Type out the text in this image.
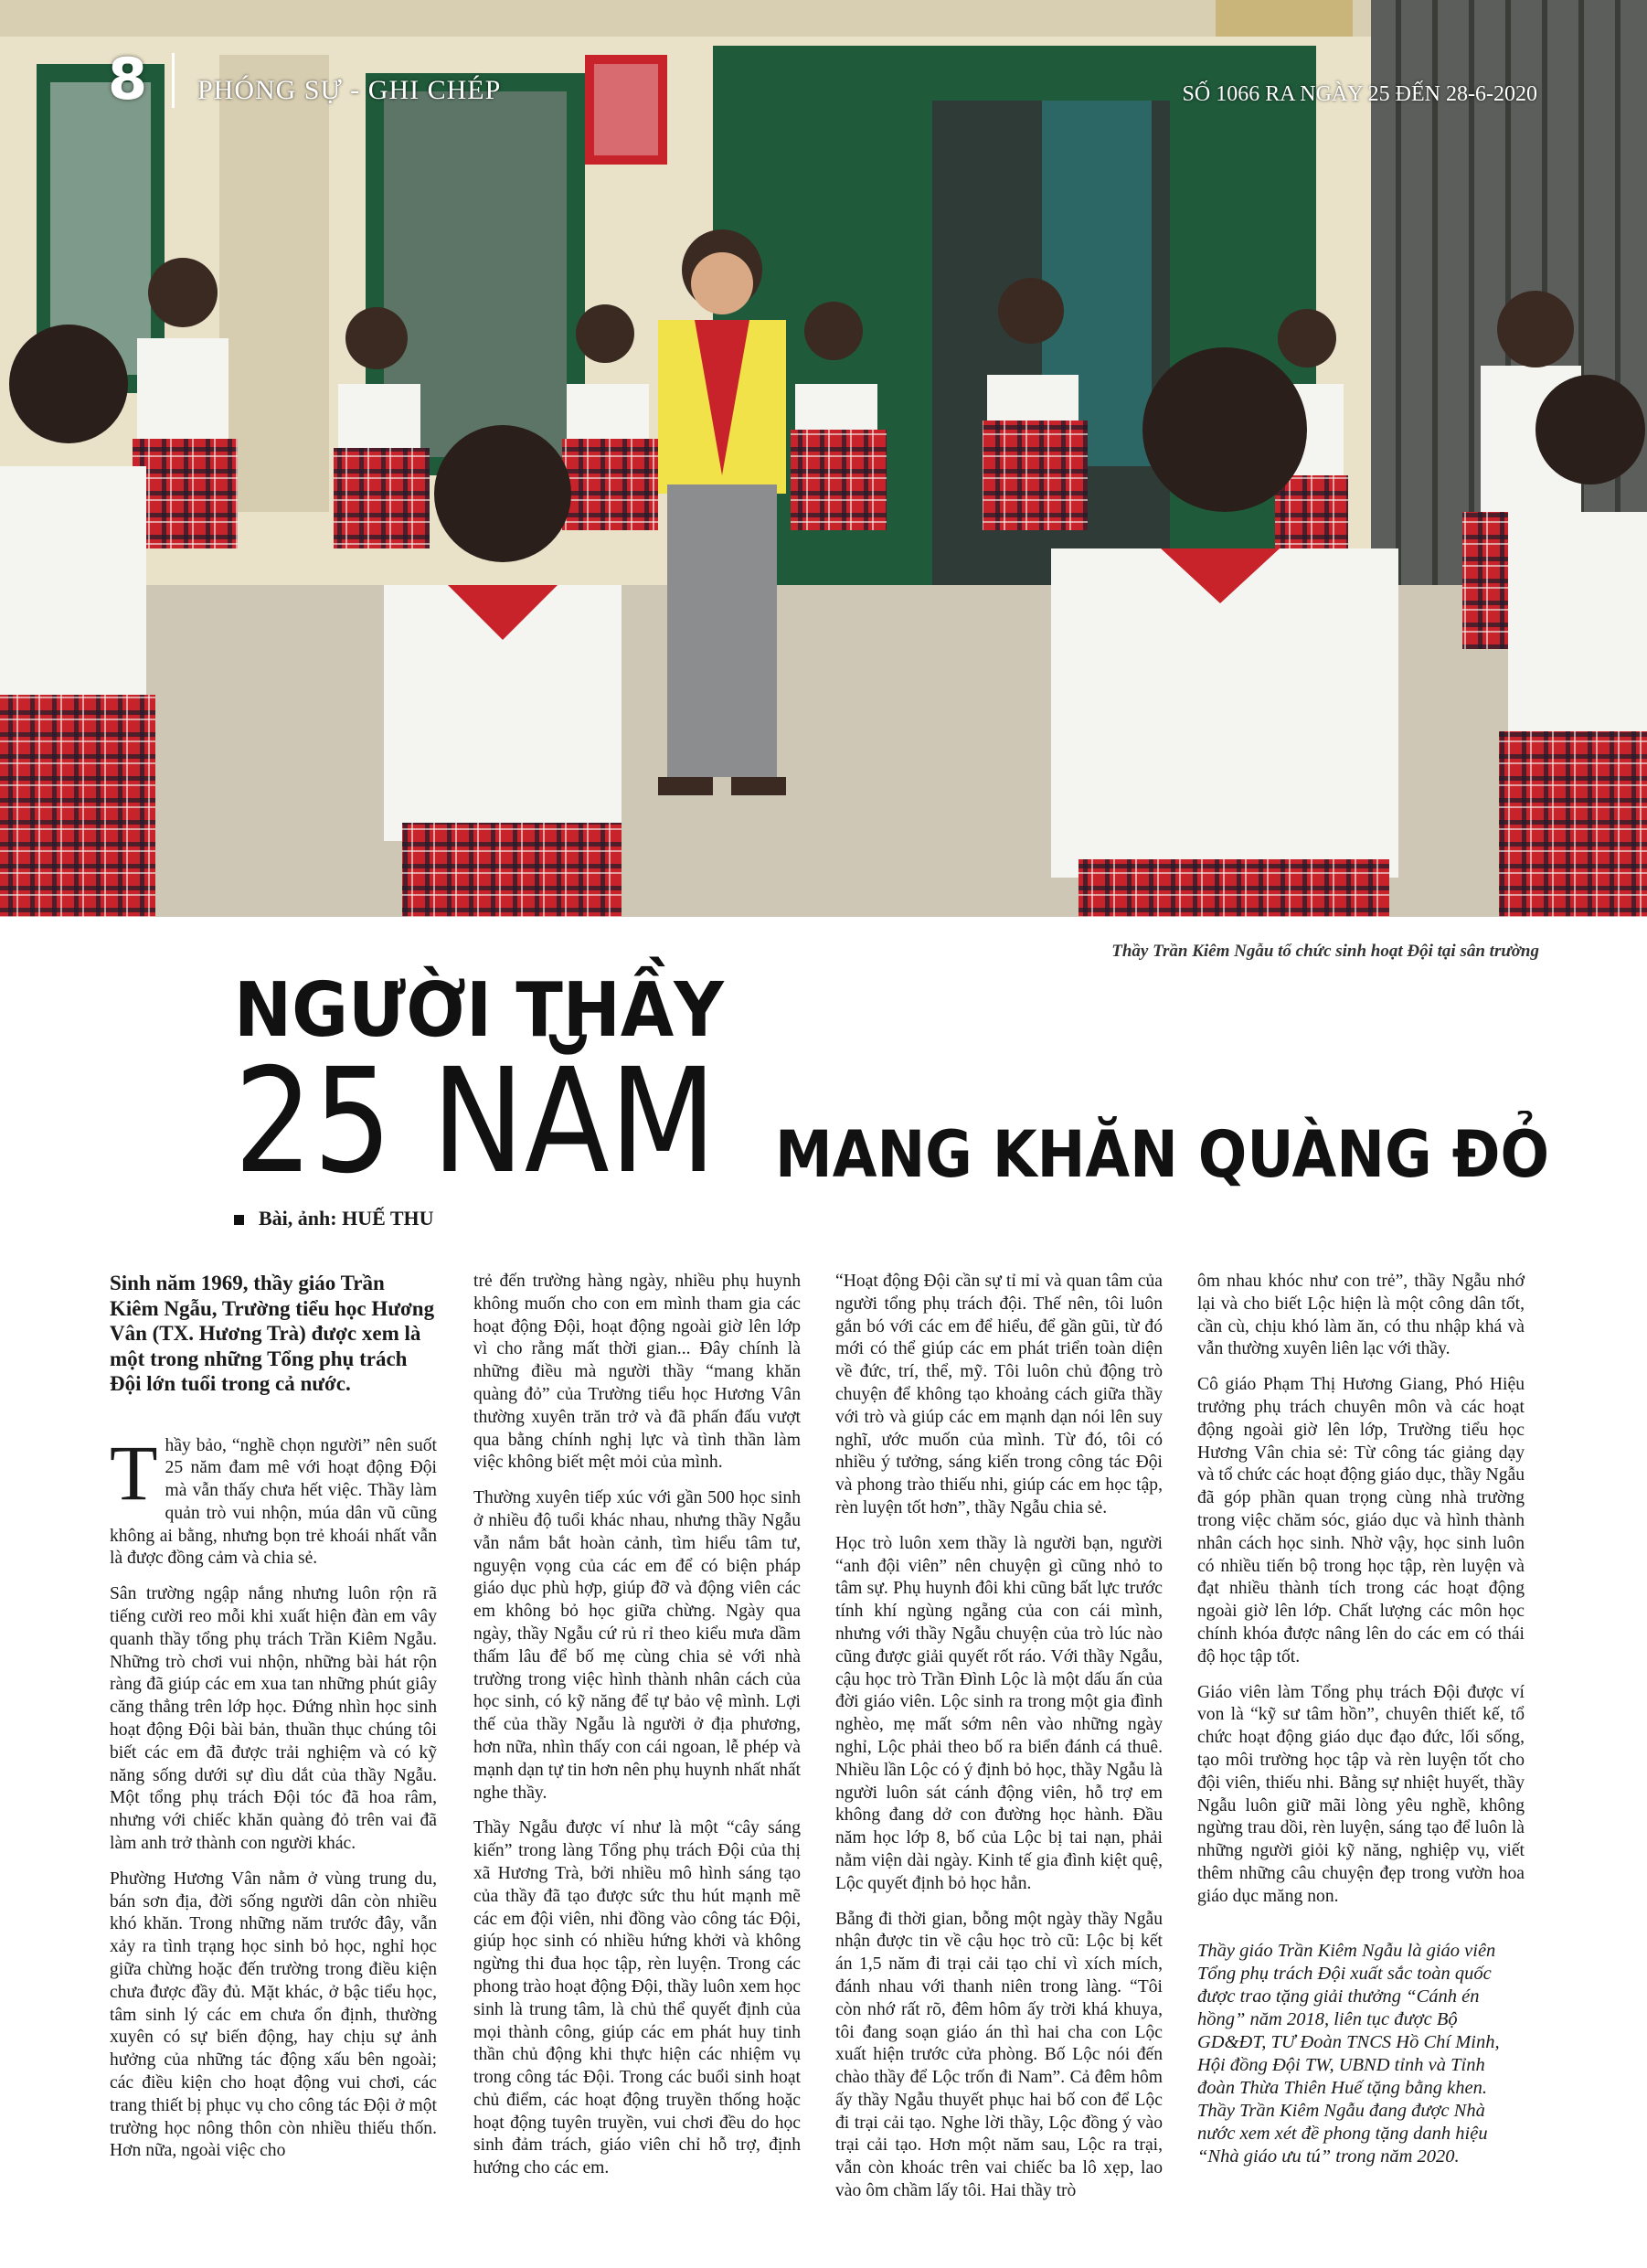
8 PHÓNG SỰ - GHI CHÉP	SỐ 1066 RA NGÀY 25 ĐẾN 28-6-2020
Thầy Trần Kiêm Ngẫu tổ chức sinh hoạt Đội tại sân trường
NGƯỜI THẦY
25 NĂM MANG KHĂN QUÀNG ĐỎ
Bài, ảnh: HUẾ THU

Sinh năm 1969, thầy giáo Trần Kiêm Ngẫu, Trường tiểu học Hương Vân (TX. Hương Trà) được xem là một trong những Tổng phụ trách Đội lớn tuổi trong cả nước.

Thầy bảo, “nghề chọn người” nên suốt 25 năm đam mê với hoạt động Đội mà vẫn thấy chưa hết việc. Thầy làm quản trò vui nhộn, múa dân vũ cũng không ai bằng, nhưng bọn trẻ khoái nhất vẫn là được đồng cảm và chia sẻ.

Sân trường ngập nắng nhưng luôn rộn rã tiếng cười reo mỗi khi xuất hiện đàn em vây quanh thầy tổng phụ trách Trần Kiêm Ngẫu. Những trò chơi vui nhộn, những bài hát rộn ràng đã giúp các em xua tan những phút giây căng thẳng trên lớp học. Đứng nhìn học sinh hoạt động Đội bài bản, thuần thục chúng tôi biết các em đã được trải nghiệm và có kỹ năng sống dưới sự dìu dắt của thầy Ngẫu. Một tổng phụ trách Đội tóc đã hoa râm, nhưng với chiếc khăn quàng đỏ trên vai đã làm anh trở thành con người khác.

Phường Hương Vân nằm ở vùng trung du, bán sơn địa, đời sống người dân còn nhiều khó khăn. Trong những năm trước đây, vẫn xảy ra tình trạng học sinh bỏ học, nghỉ học giữa chừng hoặc đến trường trong điều kiện chưa được đầy đủ. Mặt khác, ở bậc tiểu học, tâm sinh lý các em chưa ổn định, thường xuyên có sự biến động, hay chịu sự ảnh hưởng của những tác động xấu bên ngoài; các điều kiện cho hoạt động vui chơi, các trang thiết bị phục vụ cho công tác Đội ở một trường học nông thôn còn nhiều thiếu thốn. Hơn nữa, ngoài việc cho

trẻ đến trường hàng ngày, nhiều phụ huynh không muốn cho con em mình tham gia các hoạt động Đội, hoạt động ngoài giờ lên lớp vì cho rằng mất thời gian... Đây chính là những điều mà người thầy “mang khăn quàng đỏ” của Trường tiểu học Hương Vân thường xuyên trăn trở và đã phấn đấu vượt qua bằng chính nghị lực và tình thần làm việc không biết mệt mỏi của mình.

Thường xuyên tiếp xúc với gần 500 học sinh ở nhiều độ tuổi khác nhau, nhưng thầy Ngẫu vẫn nắm bắt hoàn cảnh, tìm hiểu tâm tư, nguyện vọng của các em để có biện pháp giáo dục phù hợp, giúp đỡ và động viên các em không bỏ học giữa chừng. Ngày qua ngày, thầy Ngẫu cứ rủ rỉ theo kiểu mưa dầm thấm lâu để bố mẹ cùng chia sẻ với nhà trường trong việc hình thành nhân cách của học sinh, có kỹ năng để tự bảo vệ mình. Lợi thế của thầy Ngẫu là người ở địa phương, hơn nữa, nhìn thấy con cái ngoan, lễ phép và mạnh dạn tự tin hơn nên phụ huynh nhất nhất nghe thầy.

Thầy Ngẫu được ví như là một “cây sáng kiến” trong làng Tổng phụ trách Đội của thị xã Hương Trà, bởi nhiều mô hình sáng tạo của thầy đã tạo được sức thu hút mạnh mẽ các em đội viên, nhi đồng vào công tác Đội, giúp học sinh có nhiều hứng khởi và không ngừng thi đua học tập, rèn luyện. Trong các phong trào hoạt động Đội, thầy luôn xem học sinh là trung tâm, là chủ thể quyết định của mọi thành công, giúp các em phát huy tinh thần chủ động khi thực hiện các nhiệm vụ trong công tác Đội. Trong các buổi sinh hoạt chủ điểm, các hoạt động truyền thống hoặc hoạt động tuyên truyền, vui chơi đều do học sinh đảm trách, giáo viên chỉ hỗ trợ, định hướng cho các em.

“Hoạt động Đội cần sự tỉ mỉ và quan tâm của người tổng phụ trách đội. Thế nên, tôi luôn gắn bó với các em để hiểu, để gần gũi, từ đó mới có thể giúp các em phát triển toàn diện về đức, trí, thể, mỹ. Tôi luôn chủ động trò chuyện để không tạo khoảng cách giữa thầy với trò và giúp các em mạnh dạn nói lên suy nghĩ, ước muốn của mình. Từ đó, tôi có nhiều ý tưởng, sáng kiến trong công tác Đội và phong trào thiếu nhi, giúp các em học tập, rèn luyện tốt hơn”, thầy Ngẫu chia sẻ.

Học trò luôn xem thầy là người bạn, người “anh đội viên” nên chuyện gì cũng nhỏ to tâm sự. Phụ huynh đôi khi cũng bất lực trước tính khí ngùng ngẵng của con cái mình, nhưng với thầy Ngẫu chuyện của trò lúc nào cũng được giải quyết rốt ráo. Với thầy Ngẫu, cậu học trò Trần Đình Lộc là một dấu ấn của đời giáo viên. Lộc sinh ra trong một gia đình nghèo, mẹ mất sớm nên vào những ngày nghỉ, Lộc phải theo bố ra biển đánh cá thuê. Nhiều lần Lộc có ý định bỏ học, thầy Ngẫu là người luôn sát cánh động viên, hỗ trợ em không đang dở con đường học hành. Đầu năm học lớp 8, bố của Lộc bị tai nạn, phải nằm viện dài ngày. Kinh tế gia đình kiệt quệ, Lộc quyết định bỏ học hẳn.

Bẵng đi thời gian, bỗng một ngày thầy Ngẫu nhận được tin về cậu học trò cũ: Lộc bị kết án 1,5 năm đi trại cải tạo chỉ vì xích mích, đánh nhau với thanh niên trong làng. “Tôi còn nhớ rất rõ, đêm hôm ấy trời khá khuya, tôi đang soạn giáo án thì hai cha con Lộc xuất hiện trước cửa phòng. Bố Lộc nói đến chào thầy để Lộc trốn đi Nam”. Cả đêm hôm ấy thầy Ngẫu thuyết phục hai bố con để Lộc đi trại cải tạo. Nghe lời thầy, Lộc đồng ý vào trại cải tạo. Hơn một năm sau, Lộc ra trại, vẫn còn khoác trên vai chiếc ba lô xẹp, lao vào ôm chầm lấy tôi. Hai thầy trò

ôm nhau khóc như con trẻ”, thầy Ngẫu nhớ lại và cho biết Lộc hiện là một công dân tốt, cần cù, chịu khó làm ăn, có thu nhập khá và vẫn thường xuyên liên lạc với thầy.

Cô giáo Phạm Thị Hương Giang, Phó Hiệu trưởng phụ trách chuyên môn và các hoạt động ngoài giờ lên lớp, Trường tiểu học Hương Vân chia sẻ: Từ công tác giảng dạy và tổ chức các hoạt động giáo dục, thầy Ngẫu đã góp phần quan trọng cùng nhà trường trong việc chăm sóc, giáo dục và hình thành nhân cách học sinh. Nhờ vậy, học sinh luôn có nhiều tiến bộ trong học tập, rèn luyện và đạt nhiều thành tích trong các hoạt động ngoài giờ lên lớp. Chất lượng các môn học chính khóa được nâng lên do các em có thái độ học tập tốt.

Giáo viên làm Tổng phụ trách Đội được ví von là “kỹ sư tâm hồn”, chuyên thiết kế, tổ chức hoạt động giáo dục đạo đức, lối sống, tạo môi trường học tập và rèn luyện tốt cho đội viên, thiếu nhi. Bằng sự nhiệt huyết, thầy Ngẫu luôn giữ mãi lòng yêu nghề, không ngừng trau dồi, rèn luyện, sáng tạo để luôn là những người giỏi kỹ năng, nghiệp vụ, viết thêm những câu chuyện đẹp trong vườn hoa giáo dục măng non.

Thầy giáo Trần Kiêm Ngẫu là giáo viên Tổng phụ trách Đội xuất sắc toàn quốc được trao tặng giải thưởng “Cánh én hồng” năm 2018, liên tục được Bộ GD&ĐT, TƯ Đoàn TNCS Hồ Chí Minh, Hội đồng Đội TW, UBND tỉnh và Tỉnh đoàn Thừa Thiên Huế tặng bằng khen. Thầy Trần Kiêm Ngẫu đang được Nhà nước xem xét đề phong tặng danh hiệu “Nhà giáo ưu tú” trong năm 2020.
